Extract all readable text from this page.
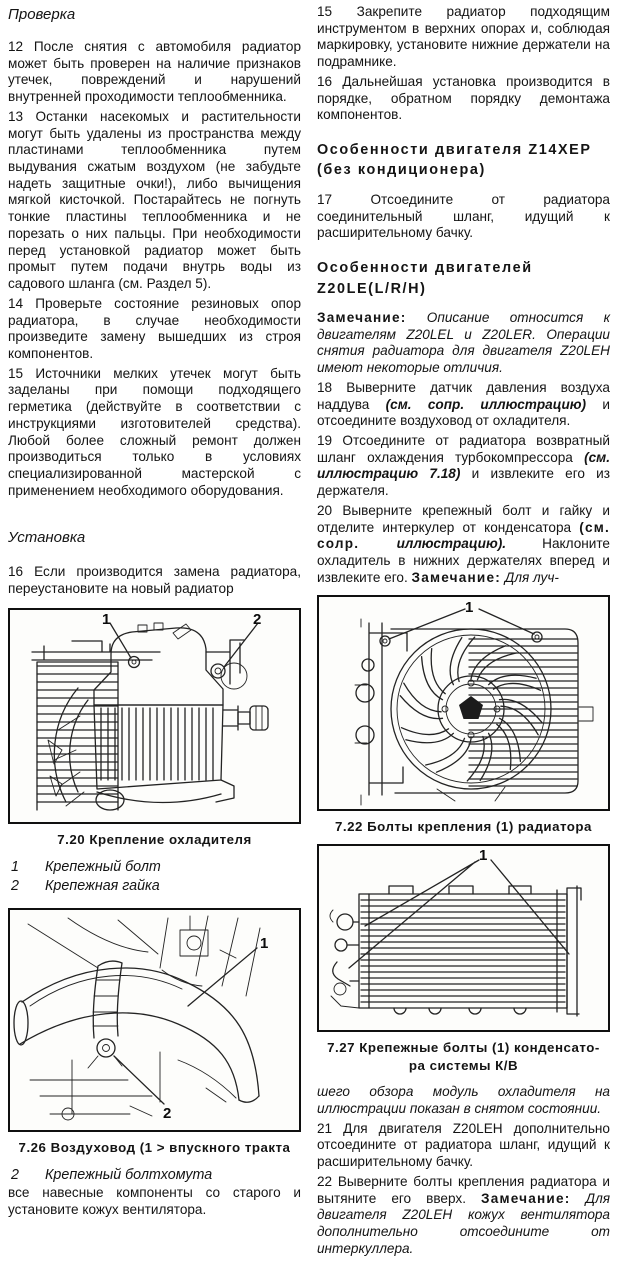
Проверка

12 После снятия с автомобиля радиатор может быть проверен на наличие признаков утечек, повреждений и нарушений внутренней проходимости теплообменника.

13 Останки насекомых и растительности могут быть удалены из пространства между пластинами теплообменника путем выдувания сжатым воздухом (не забудьте надеть защитные очки!), либо вычищения мягкой кисточкой. Постарайтесь не погнуть тонкие пластины теплообменника и не порезать о них пальцы. При необходимости перед установкой радиатор может быть промыт путем подачи внутрь воды из садового шланга (см. Раздел 5).

14 Проверьте состояние резиновых опор радиатора, в случае необходимости произведите замену вышедших из строя компонентов.

15 Источники мелких утечек могут быть заделаны при помощи подходящего герметика (действуйте в соответствии с инструкциями изготовителей средства). Любой более сложный ремонт должен производиться только в условиях специализированной мастерской с применением необходимого оборудования.

Установка

16 Если производится замена радиатора, переустановите на новый радиатор

1	2
7.20 Крепление охладителя
1	Крепежный болт
2	Крепежная гайка
1
2
7.26 Воздуховод (1 > впускного тракта
2	Крепежный болтхомута

все навесные компоненты со старого и установите кожух вентилятора.

15 Закрепите радиатор подходящим инструментом в верхних опорах и, соблюдая маркировку, установите нижние держатели на подрамнике.

16 Дальнейшая установка производится в порядке, обратном порядку демонтажа компонентов.

Особенности двигателя Z14XEP
(без кондиционера)

17 Отсоедините от радиатора соединительный шланг, идущий к расширительному бачку.

Особенности двигателей
Z20LE(L/R/H)

Замечание: Описание относится к двигателям Z20LEL и Z20LER. Операции снятия радиатора для двигателя Z20LEH имеют некоторые отличия.

18 Выверните датчик давления воздуха наддува (см. сопр. иллюстрацию) и отсоедините воздуховод от охладителя.

19 Отсоедините от радиатора возвратный шланг охлаждения турбокомпрессора (см. иллюстрацию 7.18) и извлеките его из держателя.

20 Выверните крепежный болт и гайку и отделите интеркулер от конденсатора (см. солр. иллюстрацию). Наклоните охладитель в нижних держателях вперед и извлеките его. Замечание: Для луч-

1
7.22 Болты крепления (1) радиатора
1
7.27 Крепежные болты (1) конденсато-
ра системы К/В

шего обзора модуль охладителя на иллюстрации показан в снятом состоянии.

21 Для двигателя Z20LEH дополнительно отсоедините от радиатора шланг, идущий к расширительному бачку.

22 Выверните болты крепления радиатора и вытяните его вверх. Замечание: Для двигателя Z20LEH кожух вентилятора дополнительно отсоедините от интеркуллера.
